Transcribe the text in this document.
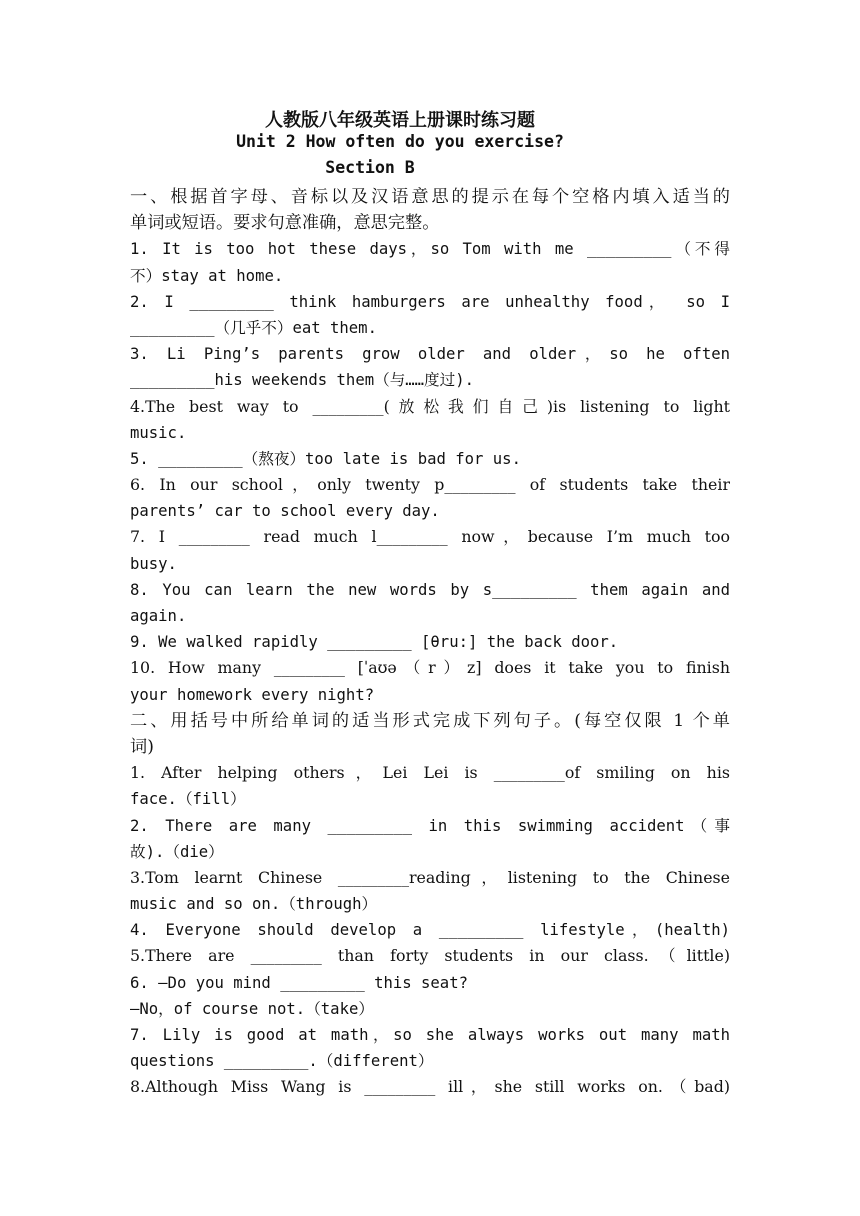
人教版八年级英语上册课时练习题
Unit 2 How often do you exercise?
Section B
一、根据首字母、音标以及汉语意思的提示在每个空格内填入适当的
单词或短语。要求句意准确，意思完整。
1. It is too hot these days，so Tom with me _________（不得
不）stay at home.
2. I _________ think hamburgers are unhealthy food， so I
_________（几乎不）eat them.
3. Li Ping’s parents grow older and older，so he often
_________his weekends them（与……度过).
4.The best way to _________(放松我们自己)is listening to light
music.
5. _________（熬夜）too late is bad for us.
6. In our school，only twenty p_________ of students take their
parents’ car to school every day.
7. I _________ read much l_________ now，because I’m much too
busy.
8. You can learn the new words by s_________ them again and
again.
9. We walked rapidly _________ [θru:] the back door.
10. How many _________ [ˈaʊə（r）z] does it take you to finish
your homework every night?
二、用括号中所给单词的适当形式完成下列句子。(每空仅限 1 个单
词)
1. After helping others，Lei Lei is _________of smiling on his
face.（fill）
2. There are many _________ in this swimming accident（事
故).（die）
3.Tom learnt Chinese _________reading，listening to the Chinese
music and so on.（through）
4. Everyone should develop a _________ lifestyle，(health)
5.There are _________ than forty students in our class.（little)
6. —Do you mind _________ this seat?
—No，of course not.（take）
7. Lily is good at math，so she always works out many math
questions _________.（different）
8.Although Miss Wang is _________ ill，she still works on.（bad)
